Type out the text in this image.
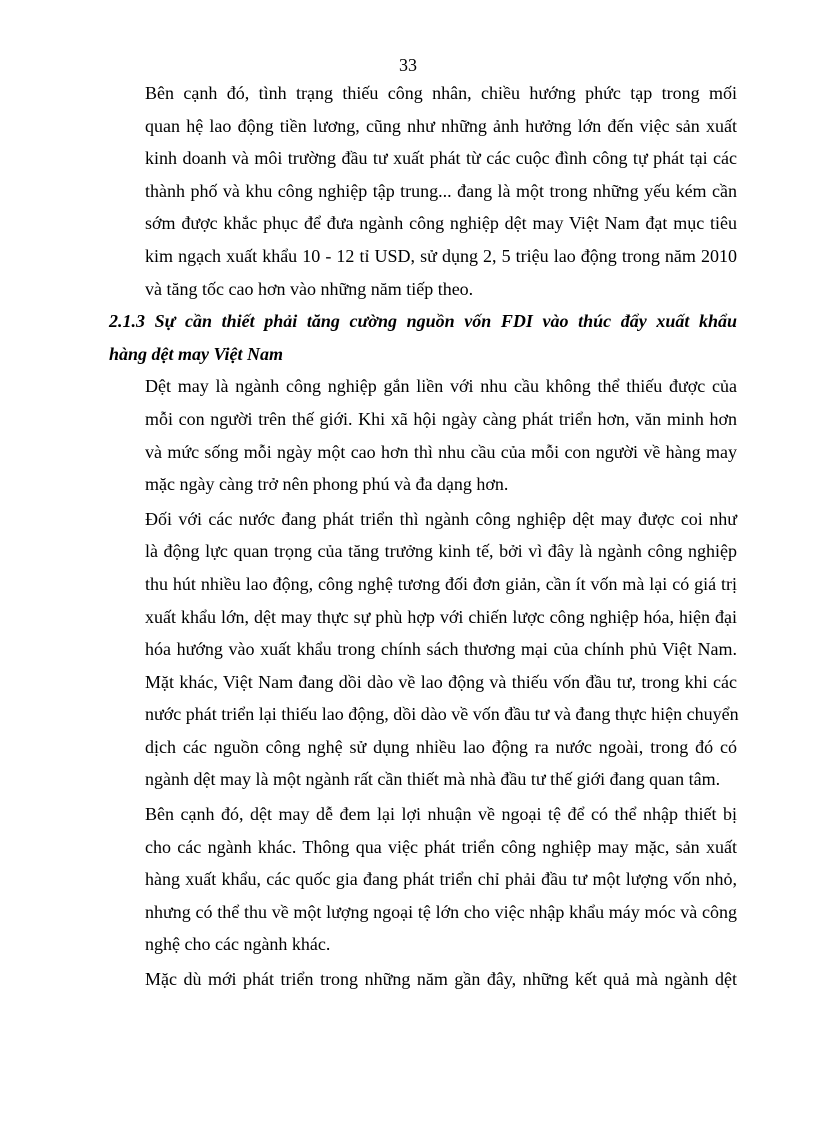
33

Bên cạnh đó, tình trạng thiếu công nhân, chiều hướng phức tạp trong mối
quan hệ lao động tiền lương, cũng như những ảnh hưởng lớn đến việc sản xuất
kinh doanh và môi trường đầu tư xuất phát từ các cuộc đình công tự phát tại các
thành phố và khu công nghiệp tập trung... đang là một trong những yếu kém cần
sớm được khắc phục để đưa ngành công nghiệp dệt may Việt Nam đạt mục tiêu
kim ngạch xuất khẩu 10 - 12 tỉ USD, sử dụng 2, 5 triệu lao động trong năm 2010
và tăng tốc cao hơn vào những năm tiếp theo.

2.1.3 Sự cần thiết phải tăng cường nguồn vốn FDI vào thúc đẩy xuất khẩu
hàng dệt may Việt Nam

Dệt may là ngành công nghiệp gắn liền với nhu cầu không thể thiếu được của
mỗi con người trên thế giới. Khi xã hội ngày càng phát triển hơn, văn minh hơn
và mức sống mỗi ngày một cao hơn thì nhu cầu của mỗi con người về hàng may
mặc ngày càng trở nên phong phú và đa dạng hơn.

Đối với các nước đang phát triển thì ngành công nghiệp dệt may được coi như
là động lực quan trọng của tăng trưởng kinh tế, bởi vì đây là ngành công nghiệp
thu hút nhiều lao động, công nghệ tương đối đơn giản, cần ít vốn mà lại có giá trị
xuất khẩu lớn, dệt may thực sự phù hợp với chiến lược công nghiệp hóa, hiện đại
hóa hướng vào xuất khẩu trong chính sách thương mại của chính phủ Việt Nam.
Mặt khác, Việt Nam đang dồi dào về lao động và thiếu vốn đầu tư, trong khi các
nước phát triển lại thiếu lao động, dồi dào về vốn đầu tư và đang thực hiện chuyển
dịch các nguồn công nghệ sử dụng nhiều lao động ra nước ngoài, trong đó có
ngành dệt may là một ngành rất cần thiết mà nhà đầu tư thế giới đang quan tâm.

Bên cạnh đó, dệt may dễ đem lại lợi nhuận về ngoại tệ để có thể nhập thiết bị
cho các ngành khác. Thông qua việc phát triển công nghiệp may mặc, sản xuất
hàng xuất khẩu, các quốc gia đang phát triển chỉ phải đầu tư một lượng vốn nhỏ,
nhưng có thể thu về một lượng ngoại tệ lớn cho việc nhập khẩu máy móc và công
nghệ cho các ngành khác.

Mặc dù mới phát triển trong những năm gần đây, những kết quả mà ngành dệt
